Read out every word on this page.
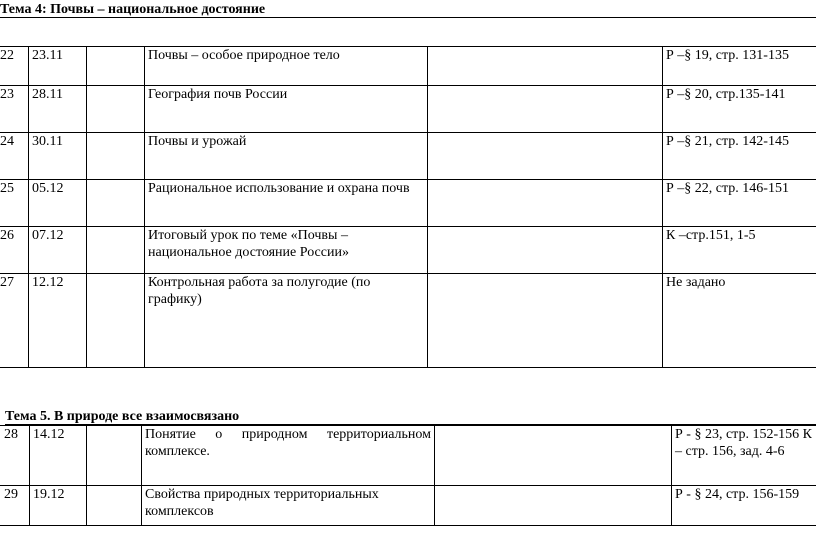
Тема 4: Почвы – национальное достояние
22	23.11		Почвы – особое природное тело		Р –§ 19, стр. 131-135
23	28.11		География почв России		Р –§ 20, стр.135-141
24	30.11		Почвы и урожай		Р –§ 21, стр. 142-145
25	05.12		Рациональное использование и охрана почв		Р –§ 22, стр. 146-151
26	07.12		Итоговый урок по теме «Почвы – национальное достояние России»		К –стр.151, 1-5
27	12.12		Контрольная работа за полугодие (по графику)		Не задано
Тема 5. В природе все взаимосвязано
28	14.12		Понятие о природном территориальном комплексе.		Р - § 23, стр. 152-156 К – стр. 156, зад. 4-6
29	19.12		Свойства природных территориальных комплексов		Р - § 24, стр. 156-159
